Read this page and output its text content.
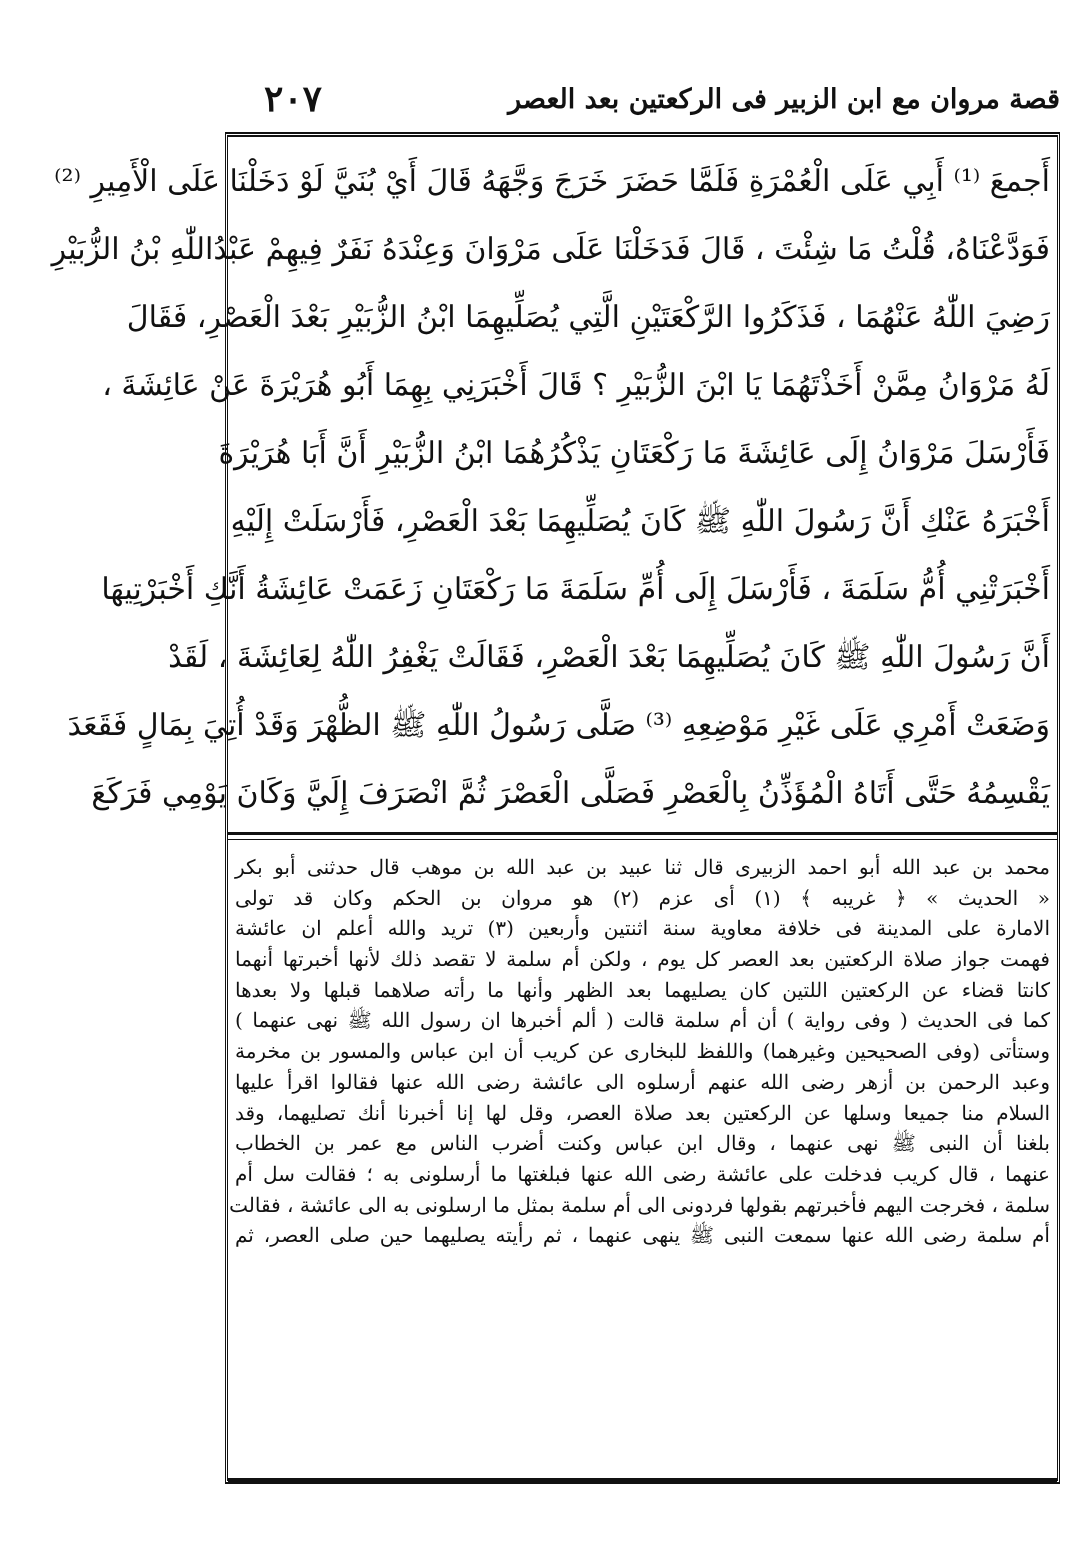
قصة مروان مع ابن الزبير فى الركعتين بعد العصر
٢٠٧
أَجمعَ ⁽¹⁾ أَبِي عَلَى الْعُمْرَةِ فَلَمَّا حَضَرَ خَرَجَ وَجَّهَهُ قَالَ أَيْ بُنَيَّ لَوْ دَخَلْنَا عَلَى الْأَمِيرِ ⁽²⁾
فَوَدَّعْنَاهُ، قُلْتُ مَا شِئْتَ ، قَالَ فَدَخَلْنَا عَلَى مَرْوَانَ وَعِنْدَهُ نَفَرٌ فِيهِمْ عَبْدُاللّٰهِ بْنُ الزُّبَيْرِ
رَضِيَ اللّٰهُ عَنْهُمَا ، فَذَكَرُوا الرَّكْعَتَيْنِ الَّتِي يُصَلِّيهِمَا ابْنُ الزُّبَيْرِ بَعْدَ الْعَصْرِ، فَقَالَ
لَهُ مَرْوَانُ مِمَّنْ أَخَذْتَهُمَا يَا ابْنَ الزُّبَيْرِ ؟ قَالَ أَخْبَرَنِي بِهِمَا أَبُو هُرَيْرَةَ عَنْ عَائِشَةَ ،
فَأَرْسَلَ مَرْوَانُ إِلَى عَائِشَةَ مَا رَكْعَتَانِ يَذْكُرُهُمَا ابْنُ الزُّبَيْرِ أَنَّ أَبَا هُرَيْرَةَ
أَخْبَرَهُ عَنْكِ أَنَّ رَسُولَ اللّٰهِ ﷺ كَانَ يُصَلِّيهِمَا بَعْدَ الْعَصْرِ، فَأَرْسَلَتْ إِلَيْهِ
أَخْبَرَتْنِي أُمُّ سَلَمَةَ ، فَأَرْسَلَ إِلَى أُمِّ سَلَمَةَ مَا رَكْعَتَانِ زَعَمَتْ عَائِشَةُ أَنَّكِ أَخْبَرْتِيهَا
أَنَّ رَسُولَ اللّٰهِ ﷺ كَانَ يُصَلِّيهِمَا بَعْدَ الْعَصْرِ، فَقَالَتْ يَغْفِرُ اللّٰهُ لِعَائِشَةَ ، لَقَدْ
وَضَعَتْ أَمْرِي عَلَى غَيْرِ مَوْضِعِهِ ⁽³⁾ صَلَّى رَسُولُ اللّٰهِ ﷺ الظُّهْرَ وَقَدْ أُتِيَ بِمَالٍ فَقَعَدَ
يَقْسِمُهُ حَتَّى أَتَاهُ الْمُؤَذِّنُ بِالْعَصْرِ فَصَلَّى الْعَصْرَ ثُمَّ انْصَرَفَ إِلَيَّ وَكَانَ يَوْمِي فَرَكَعَ
محمد بن عبد الله أبو احمد الزبيرى قال ثنا عبيد بن عبد الله بن موهب قال حدثنى أبو بكر
« الحديث » ﴿ غريبه ﴾ (١) أى عزم (٢) هو مروان بن الحكم وكان قد تولى
الامارة على المدينة فى خلافة معاوية سنة اثنتين وأربعين (٣) تريد والله أعلم ان عائشة
فهمت جواز صلاة الركعتين بعد العصر كل يوم ، ولكن أم سلمة لا تقصد ذلك لأنها أخبرتها أنهما
كانتا قضاء عن الركعتين اللتين كان يصليهما بعد الظهر وأنها ما رأته صلاهما قبلها ولا بعدها
كما فى الحديث ( وفى رواية ) أن أم سلمة قالت ( ألم أخبرها ان رسول الله ﷺ نهى عنهما )
وستأتى (وفى الصحيحين وغيرهما) واللفظ للبخارى عن كريب أن ابن عباس والمسور بن مخرمة
وعبد الرحمن بن أزهر رضى الله عنهم أرسلوه الى عائشة رضى الله عنها فقالوا اقرأ عليها
السلام منا جميعا وسلها عن الركعتين بعد صلاة العصر، وقل لها إنا أخبرنا أنك تصليهما، وقد
بلغنا أن النبى ﷺ نهى عنهما ، وقال ابن عباس وكنت أضرب الناس مع عمر بن الخطاب
عنهما ، قال كريب فدخلت على عائشة رضى الله عنها فبلغتها ما أرسلونى به ؛ فقالت سل أم
سلمة ، فخرجت اليهم فأخبرتهم بقولها فردونى الى أم سلمة بمثل ما ارسلونى به الى عائشة ، فقالت
أم سلمة رضى الله عنها سمعت النبى ﷺ ينهى عنهما ، ثم رأيته يصليهما حين صلى العصر، ثم
